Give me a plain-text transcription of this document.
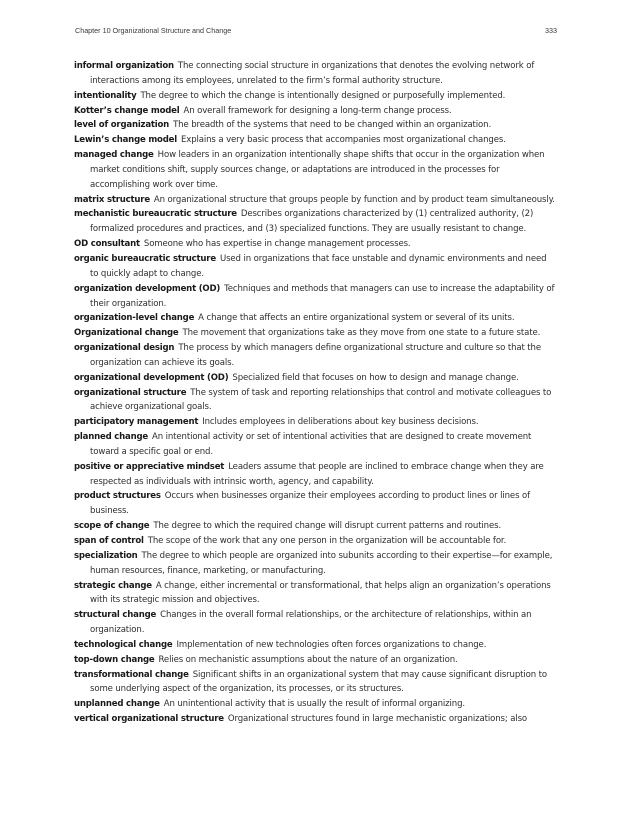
Chapter 10 Organizational Structure and Change	333

informal organization The connecting social structure in organizations that denotes the evolving network of interactions among its employees, unrelated to the firm’s formal authority structure.

intentionality The degree to which the change is intentionally designed or purposefully implemented.

Kotter’s change model An overall framework for designing a long-term change process.

level of organization The breadth of the systems that need to be changed within an organization.

Lewin’s change model Explains a very basic process that accompanies most organizational changes.

managed change How leaders in an organization intentionally shape shifts that occur in the organization when market conditions shift, supply sources change, or adaptations are introduced in the processes for accomplishing work over time.

matrix structure An organizational structure that groups people by function and by product team simultaneously.

mechanistic bureaucratic structure Describes organizations characterized by (1) centralized authority, (2) formalized procedures and practices, and (3) specialized functions. They are usually resistant to change.

OD consultant Someone who has expertise in change management processes.

organic bureaucratic structure Used in organizations that face unstable and dynamic environments and need to quickly adapt to change.

organization development (OD) Techniques and methods that managers can use to increase the adaptability of their organization.

organization-level change A change that affects an entire organizational system or several of its units.

Organizational change The movement that organizations take as they move from one state to a future state.

organizational design The process by which managers define organizational structure and culture so that the organization can achieve its goals.

organizational development (OD) Specialized field that focuses on how to design and manage change.

organizational structure The system of task and reporting relationships that control and motivate colleagues to achieve organizational goals.

participatory management Includes employees in deliberations about key business decisions.

planned change An intentional activity or set of intentional activities that are designed to create movement toward a specific goal or end.

positive or appreciative mindset Leaders assume that people are inclined to embrace change when they are respected as individuals with intrinsic worth, agency, and capability.

product structures Occurs when businesses organize their employees according to product lines or lines of business.

scope of change The degree to which the required change will disrupt current patterns and routines.

span of control The scope of the work that any one person in the organization will be accountable for.

specialization The degree to which people are organized into subunits according to their expertise—for example, human resources, finance, marketing, or manufacturing.

strategic change A change, either incremental or transformational, that helps align an organization’s operations with its strategic mission and objectives.

structural change Changes in the overall formal relationships, or the architecture of relationships, within an organization.

technological change Implementation of new technologies often forces organizations to change.

top-down change Relies on mechanistic assumptions about the nature of an organization.

transformational change Significant shifts in an organizational system that may cause significant disruption to some underlying aspect of the organization, its processes, or its structures.

unplanned change An unintentional activity that is usually the result of informal organizing.

vertical organizational structure Organizational structures found in large mechanistic organizations; also
